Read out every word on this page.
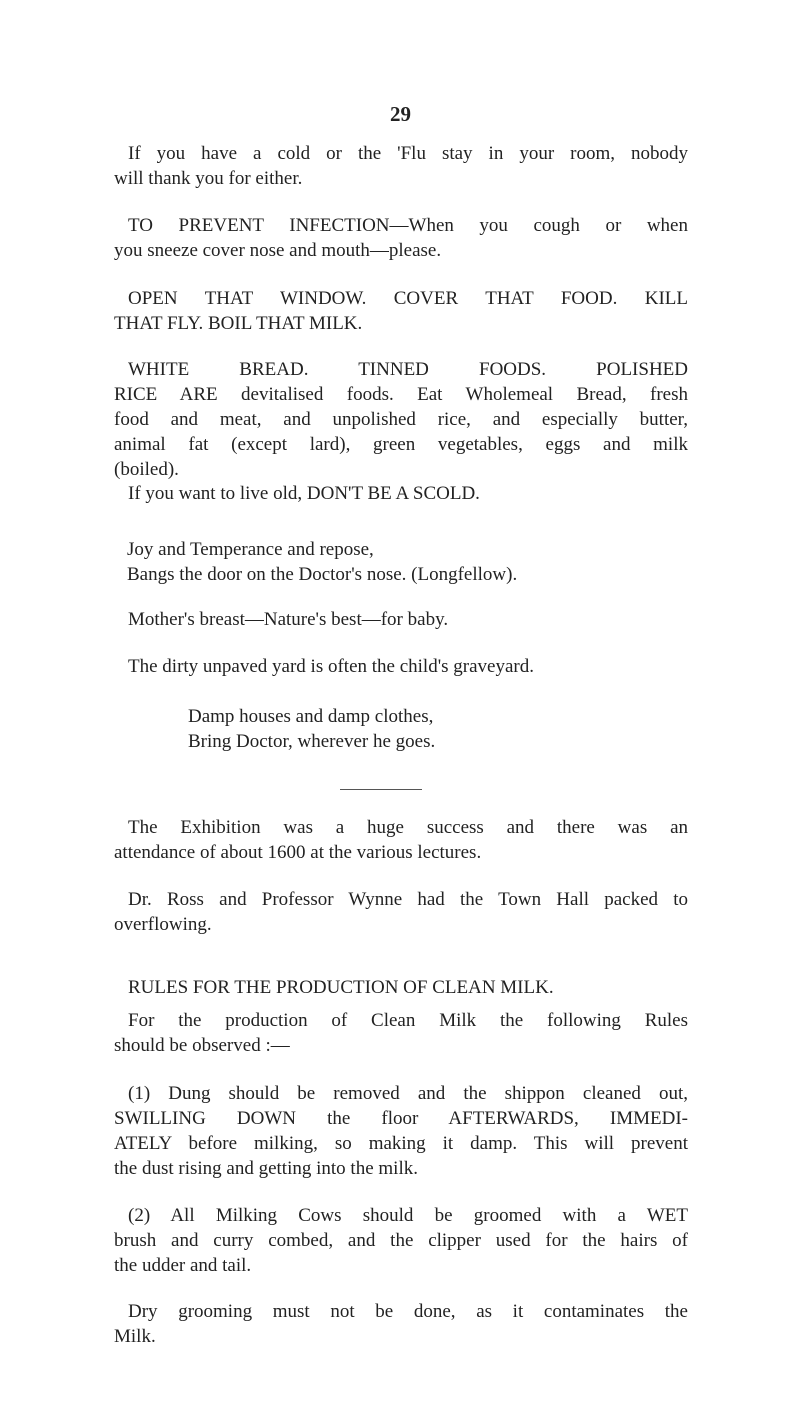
29

If you have a cold or the 'Flu stay in your room, nobody
will thank you for either.

TO PREVENT INFECTION—When you cough or when
you sneeze cover nose and mouth—please.

OPEN THAT WINDOW. COVER THAT FOOD. KILL
THAT FLY. BOIL THAT MILK.

WHITE BREAD. TINNED FOODS. POLISHED
RICE ARE devitalised foods. Eat Wholemeal Bread, fresh
food and meat, and unpolished rice, and especially butter,
animal fat (except lard), green vegetables, eggs and milk
(boiled).

If you want to live old, DON'T BE A SCOLD.

Joy and Temperance and repose,
Bangs the door on the Doctor's nose. (Longfellow).

Mother's breast—Nature's best—for baby.

The dirty unpaved yard is often the child's graveyard.

Damp houses and damp clothes,
Bring Doctor, wherever he goes.

The Exhibition was a huge success and there was an
attendance of about 1600 at the various lectures.

Dr. Ross and Professor Wynne had the Town Hall packed to
overflowing.

RULES FOR THE PRODUCTION OF CLEAN MILK.

For the production of Clean Milk the following Rules
should be observed :—

(1) Dung should be removed and the shippon cleaned out,
SWILLING DOWN the floor AFTERWARDS, IMMEDI-
ATELY before milking, so making it damp. This will prevent
the dust rising and getting into the milk.

(2) All Milking Cows should be groomed with a WET
brush and curry combed, and the clipper used for the hairs of
the udder and tail.

Dry grooming must not be done, as it contaminates the
Milk.
